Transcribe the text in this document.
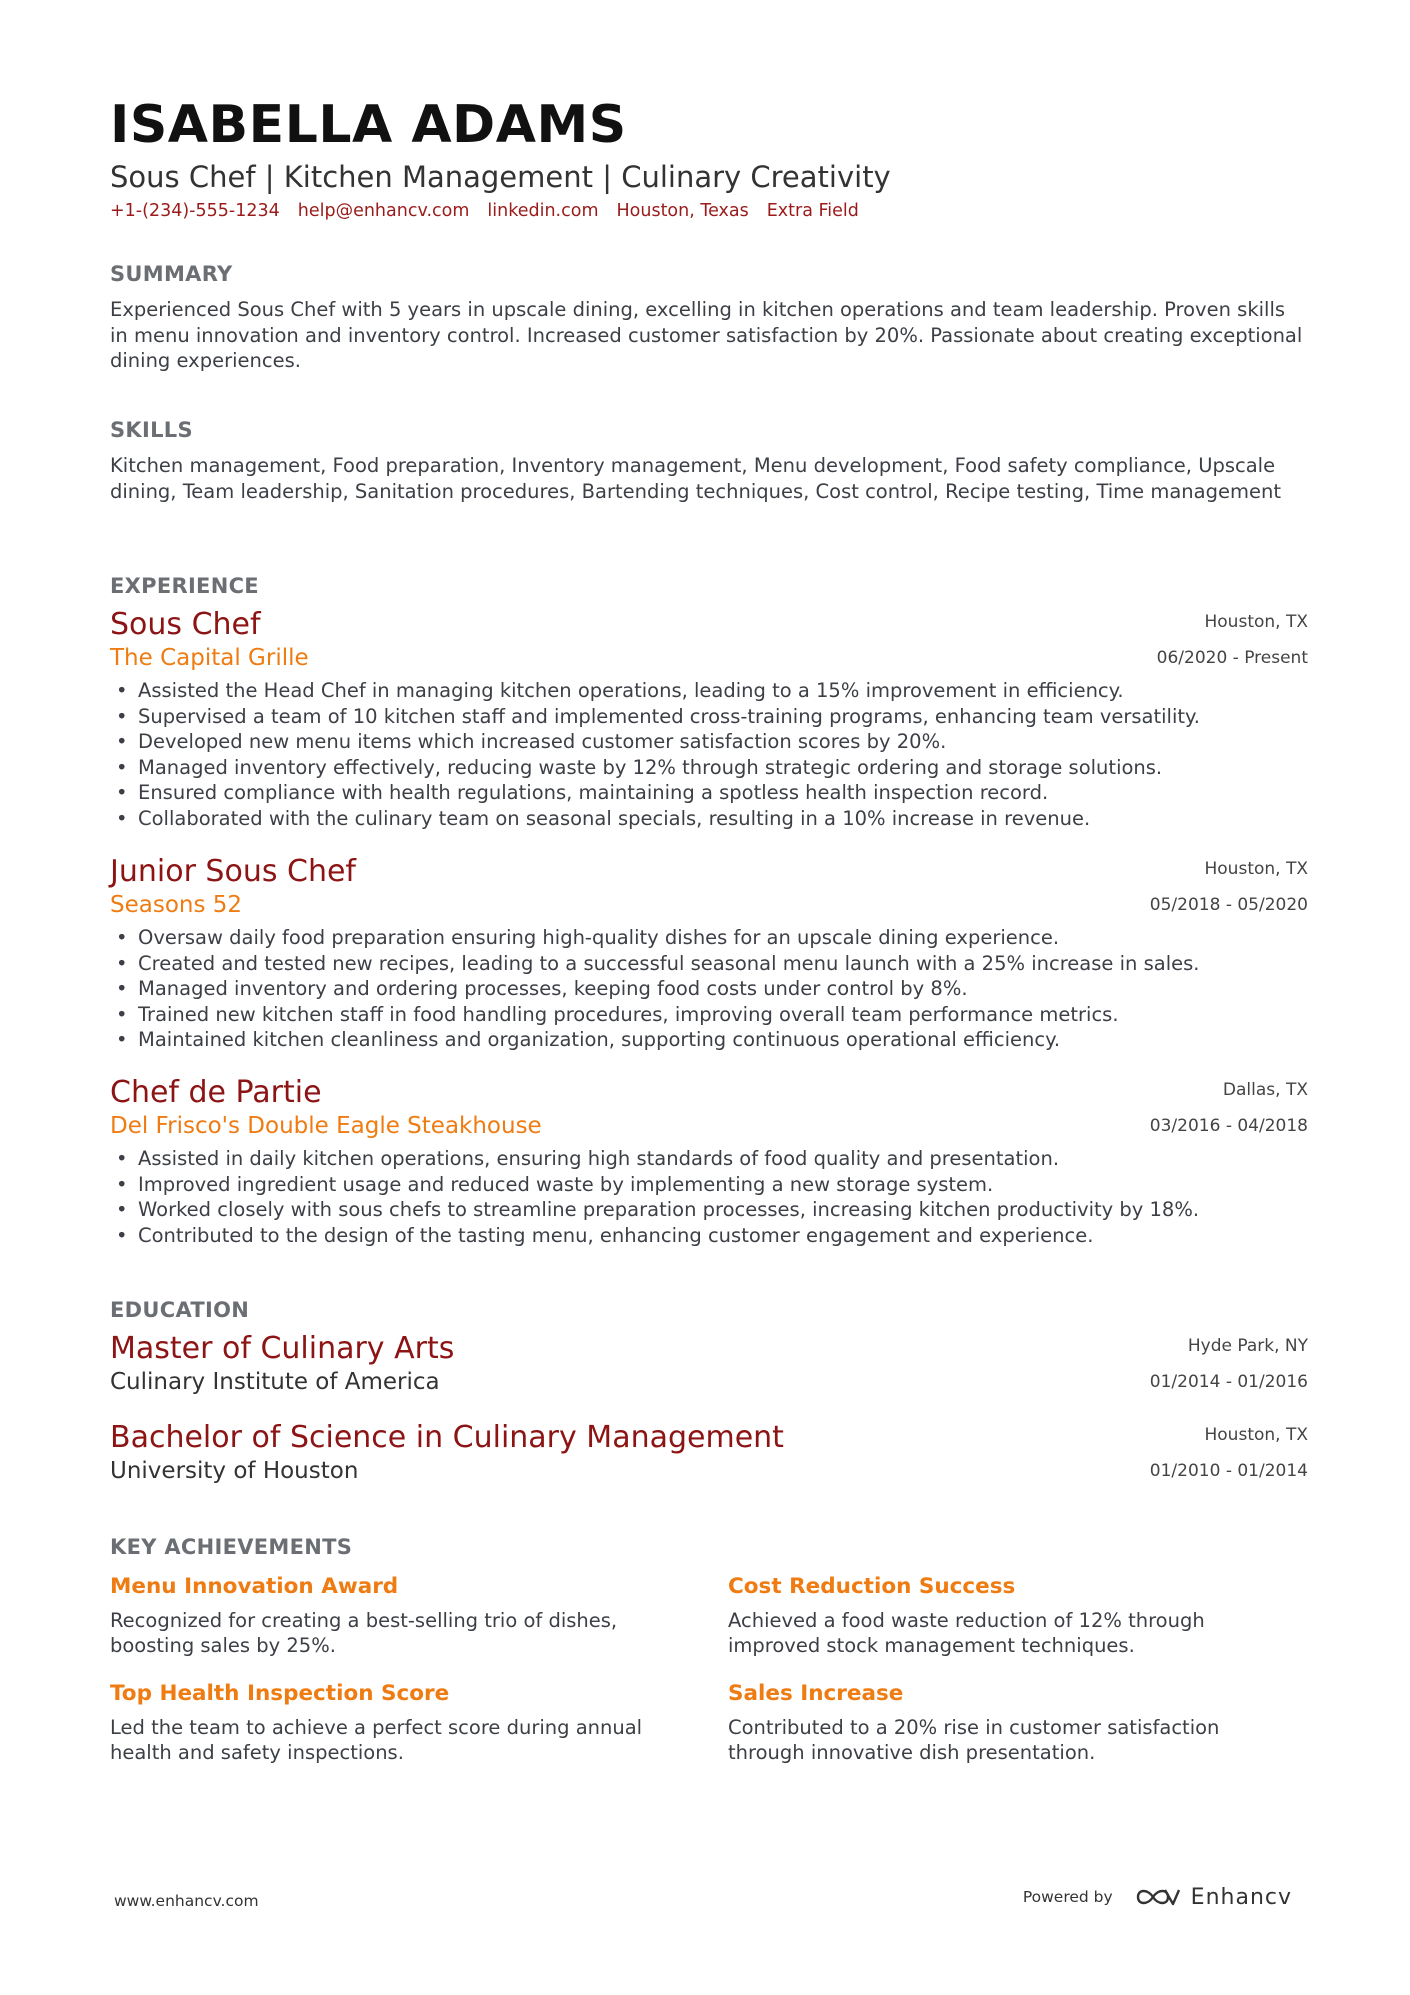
ISABELLA ADAMS
Sous Chef | Kitchen Management | Culinary Creativity
+1-(234)-555-1234 help@enhancv.com linkedin.com Houston, Texas Extra Field
SUMMARY
Experienced Sous Chef with 5 years in upscale dining, excelling in kitchen operations and team leadership. Proven skills in menu innovation and inventory control. Increased customer satisfaction by 20%. Passionate about creating exceptional dining experiences.
SKILLS
Kitchen management, Food preparation, Inventory management, Menu development, Food safety compliance, Upscale dining, Team leadership, Sanitation procedures, Bartending techniques, Cost control, Recipe testing, Time management
EXPERIENCE
Sous Chef
The Capital Grille
Houston, TX
06/2020 - Present
• Assisted the Head Chef in managing kitchen operations, leading to a 15% improvement in efficiency.
• Supervised a team of 10 kitchen staff and implemented cross-training programs, enhancing team versatility.
• Developed new menu items which increased customer satisfaction scores by 20%.
• Managed inventory effectively, reducing waste by 12% through strategic ordering and storage solutions.
• Ensured compliance with health regulations, maintaining a spotless health inspection record.
• Collaborated with the culinary team on seasonal specials, resulting in a 10% increase in revenue.
Junior Sous Chef
Seasons 52
Houston, TX
05/2018 - 05/2020
• Oversaw daily food preparation ensuring high-quality dishes for an upscale dining experience.
• Created and tested new recipes, leading to a successful seasonal menu launch with a 25% increase in sales.
• Managed inventory and ordering processes, keeping food costs under control by 8%.
• Trained new kitchen staff in food handling procedures, improving overall team performance metrics.
• Maintained kitchen cleanliness and organization, supporting continuous operational efficiency.
Chef de Partie
Del Frisco's Double Eagle Steakhouse
Dallas, TX
03/2016 - 04/2018
• Assisted in daily kitchen operations, ensuring high standards of food quality and presentation.
• Improved ingredient usage and reduced waste by implementing a new storage system.
• Worked closely with sous chefs to streamline preparation processes, increasing kitchen productivity by 18%.
• Contributed to the design of the tasting menu, enhancing customer engagement and experience.
EDUCATION
Master of Culinary Arts
Culinary Institute of America
Hyde Park, NY
01/2014 - 01/2016
Bachelor of Science in Culinary Management
University of Houston
Houston, TX
01/2010 - 01/2014
KEY ACHIEVEMENTS
Menu Innovation Award
Recognized for creating a best-selling trio of dishes, boosting sales by 25%.
Cost Reduction Success
Achieved a food waste reduction of 12% through improved stock management techniques.
Top Health Inspection Score
Led the team to achieve a perfect score during annual health and safety inspections.
Sales Increase
Contributed to a 20% rise in customer satisfaction through innovative dish presentation.
www.enhancv.com	Powered by	Enhancv
